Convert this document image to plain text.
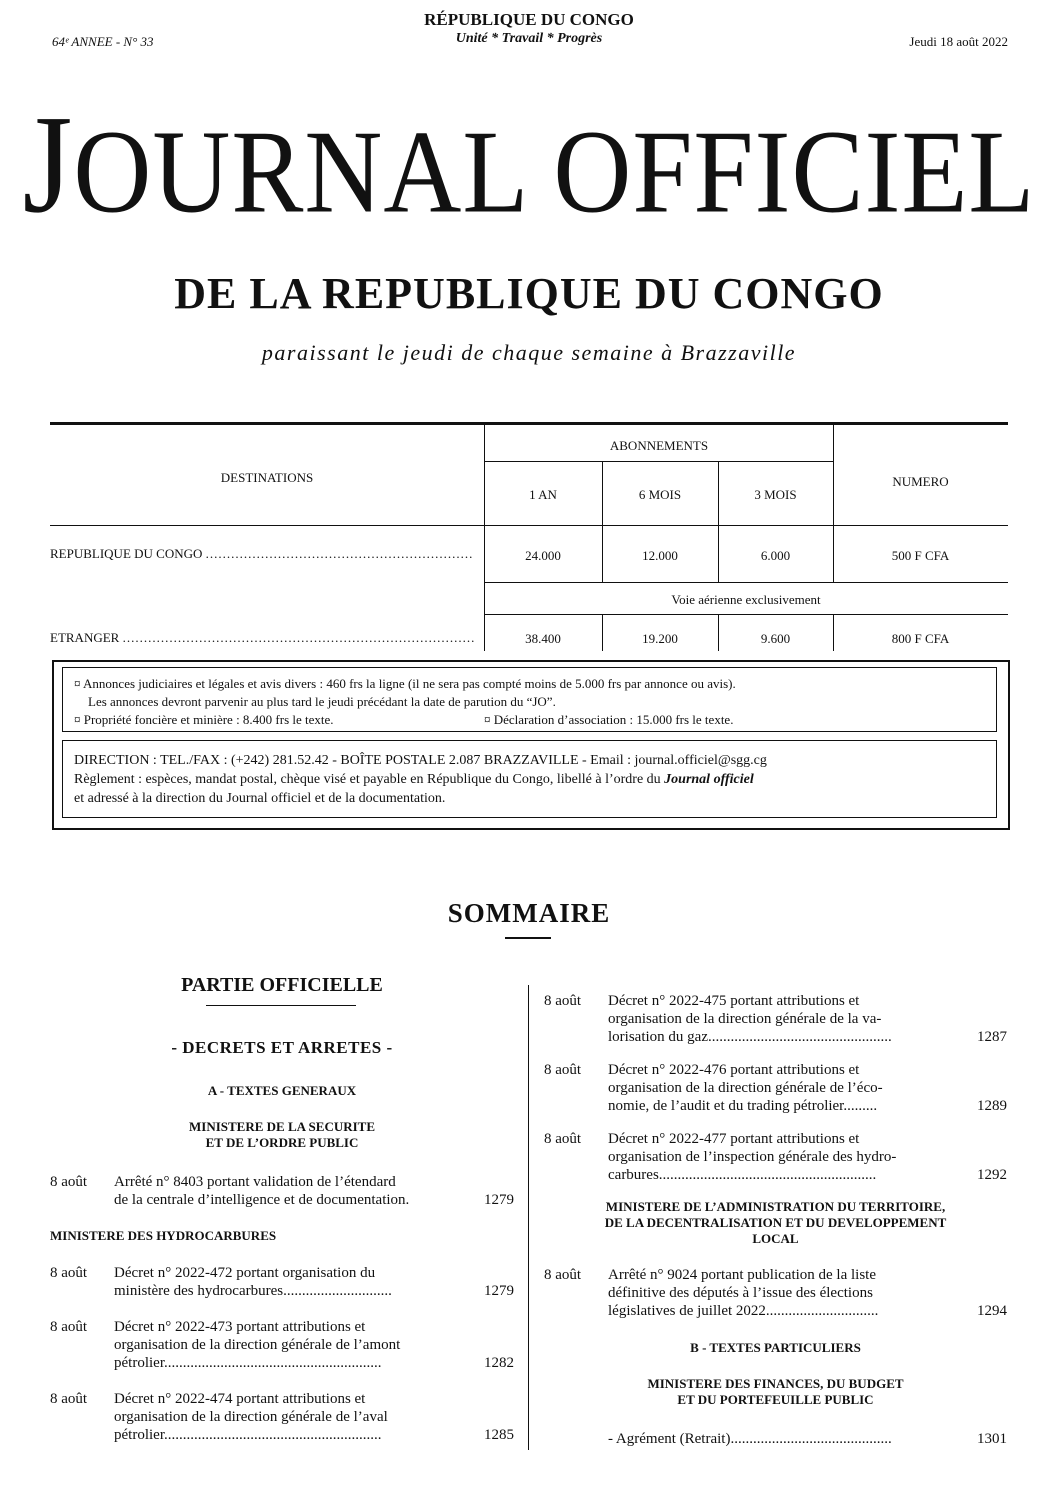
64ᵉ ANNEE - N° 33
RÉPUBLIQUE DU CONGO
Unité * Travail * Progrès	Jeudi 18 août 2022
JOURNAL OFFICIEL
DE LA REPUBLIQUE DU CONGO
paraissant le jeudi de chaque semaine à Brazzaville
ABONNEMENTS
DESTINATIONS
1 AN	6 MOIS	3 MOIS
NUMERO
REPUBLIQUE DU CONGO ...............................................................	24.000	12.000	6.000	500 F CFA
Voie aérienne exclusivement
ETRANGER ...................................................................................	38.400	19.200	9.600	800 F CFA
¤ Annonces judiciaires et légales et avis divers : 460 frs la ligne (il ne sera pas compté moins de 5.000 frs par annonce ou avis).
Les annonces devront parvenir au plus tard le jeudi précédant la date de parution du “JO”.
¤ Propriété foncière et minière : 8.400 frs le texte.	¤ Déclaration d’association : 15.000 frs le texte.
DIRECTION : TEL./FAX : (+242) 281.52.42 - BOÎTE POSTALE 2.087 BRAZZAVILLE - Email : journal.officiel@sgg.cg
Règlement : espèces, mandat postal, chèque visé et payable en République du Congo, libellé à l’ordre du Journal officiel
et adressé à la direction du Journal officiel et de la documentation.
SOMMAIRE
PARTIE OFFICIELLE
- DECRETS ET ARRETES -
A - TEXTES GENERAUX
MINISTERE DE LA SECURITE
ET DE L’ORDRE PUBLIC
8 août Arrêté n° 8403 portant validation de l’étendard
de la centrale d’intelligence et de documentation.	1279
MINISTERE DES HYDROCARBURES
8 août Décret n° 2022-472 portant organisation du
ministère des hydrocarbures.............................	1279
8 août Décret n° 2022-473 portant attributions et
organisation de la direction générale de l’amont
pétrolier..........................................................	1282
8 août Décret n° 2022-474 portant attributions et
organisation de la direction générale de l’aval
pétrolier..........................................................	1285
8 août Décret n° 2022-475 portant attributions et
organisation de la direction générale de la va-
lorisation du gaz.................................................	1287
8 août Décret n° 2022-476 portant attributions et
organisation de la direction générale de l’éco-
nomie, de l’audit et du trading pétrolier.........	1289
8 août Décret n° 2022-477 portant attributions et
organisation de l’inspection générale des hydro-
carbures..........................................................	1292
MINISTERE DE L’ADMINISTRATION DU TERRITOIRE,
DE LA DECENTRALISATION ET DU DEVELOPPEMENT
LOCAL
8 août Arrêté n° 9024 portant publication de la liste
définitive des députés à l’issue des élections
législatives de juillet 2022..............................	1294
B - TEXTES PARTICULIERS
MINISTERE DES FINANCES, DU BUDGET
ET DU PORTEFEUILLE PUBLIC
- Agrément (Retrait)...........................................	1301
